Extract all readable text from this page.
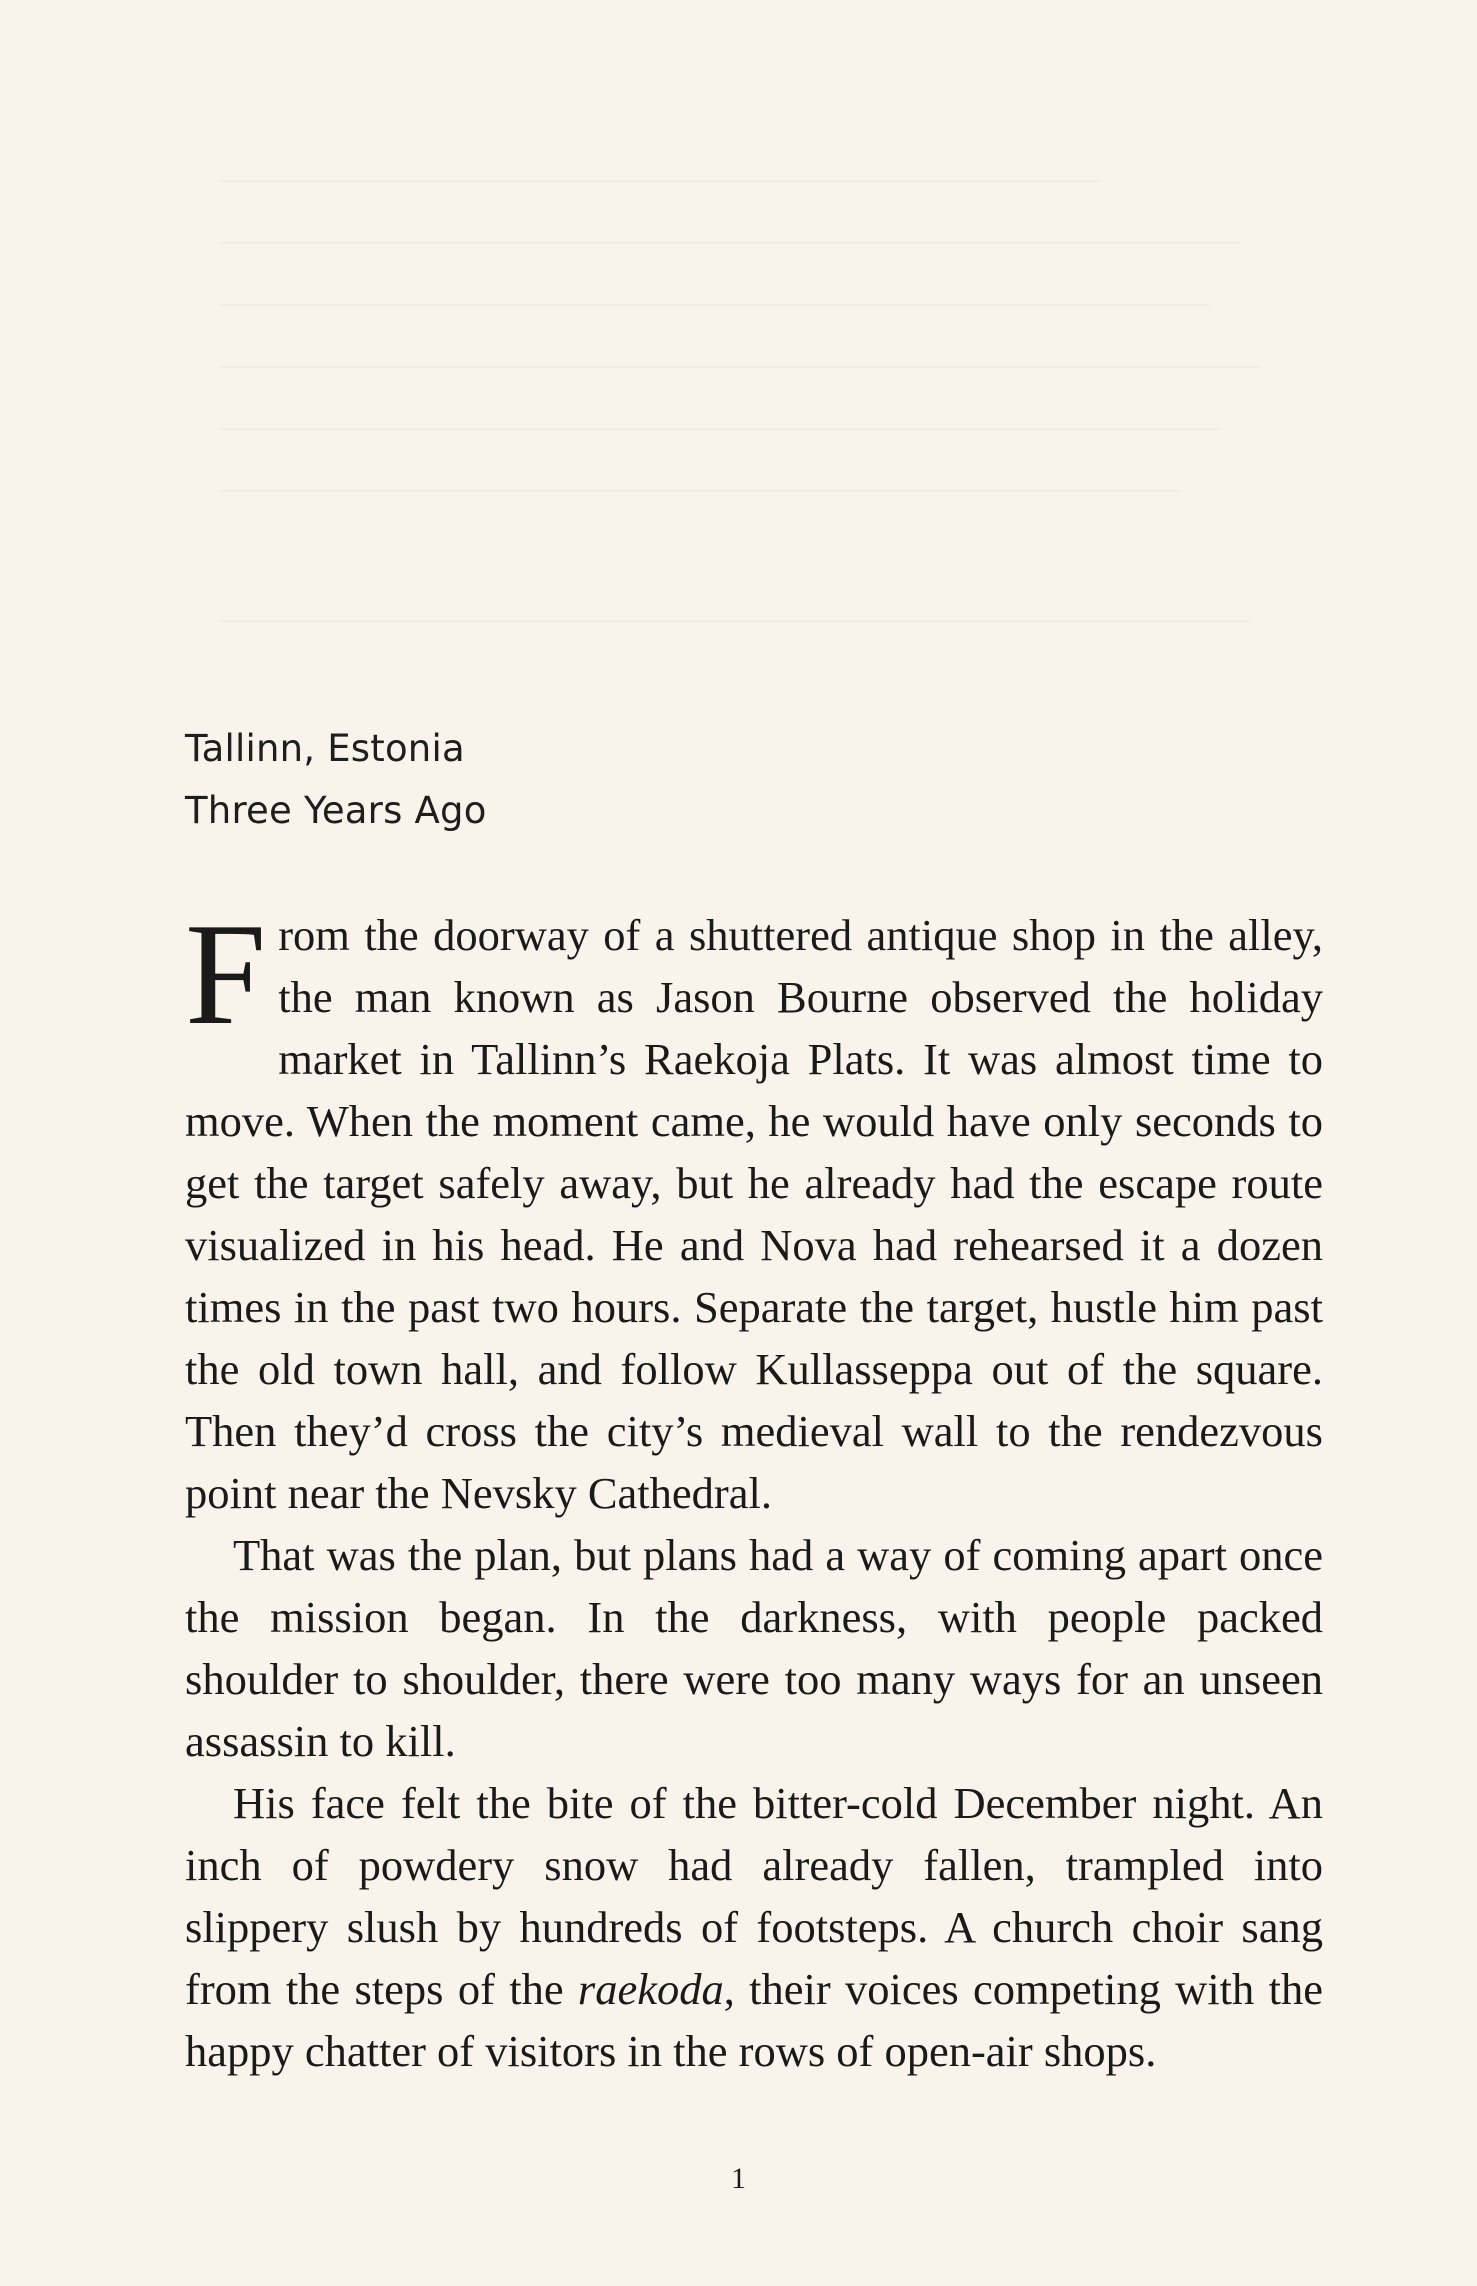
Tallinn, Estonia
Three Years Ago

From the doorway of a shuttered antique shop in the alley, the man known as Jason Bourne observed the holiday market in Tallinn’s Raekoja Plats. It was almost time to move. When the moment came, he would have only seconds to get the target safely away, but he already had the escape route visualized in his head. He and Nova had rehearsed it a dozen times in the past two hours. Separate the target, hustle him past the old town hall, and follow Kullasseppa out of the square. Then they’d cross the city’s medieval wall to the rendezvous point near the Nevsky Cathedral.

That was the plan, but plans had a way of coming apart once the mission began. In the darkness, with people packed shoulder to shoulder, there were too many ways for an unseen assassin to kill.

His face felt the bite of the bitter-cold December night. An inch of powdery snow had already fallen, trampled into slippery slush by hundreds of footsteps. A church choir sang from the steps of the raekoda, their voices competing with the happy chatter of visitors in the rows of open-air shops.

1
